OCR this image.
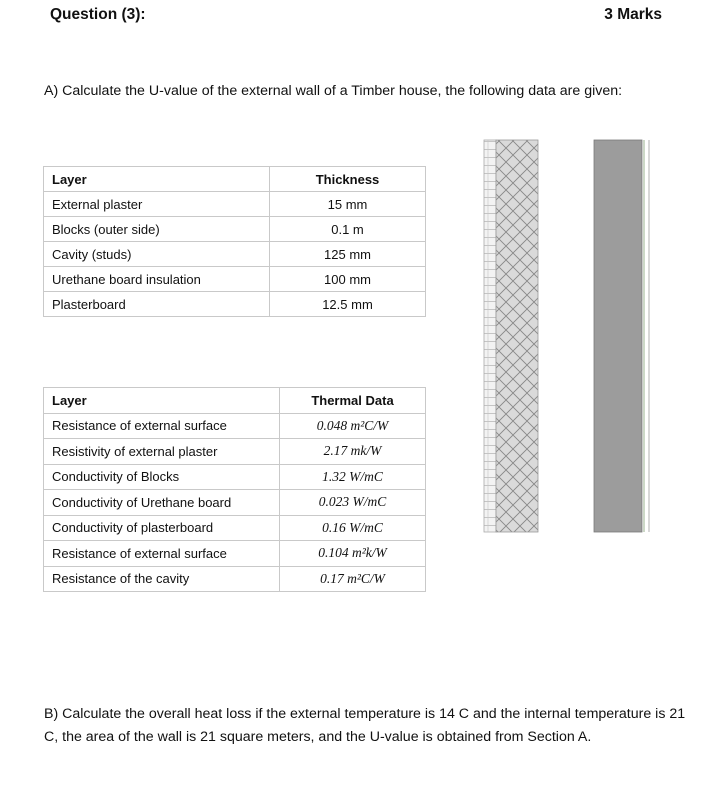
Question (3):	3 Marks
A) Calculate the U-value of the external wall of a Timber house, the following data are given:
Layer	Thickness
External plaster	15 mm
Blocks (outer side)	0.1 m
Cavity (studs)	125 mm
Urethane board insulation	100 mm
Plasterboard	12.5 mm
Layer	Thermal Data
Resistance of external surface	0.048 m²C/W
Resistivity of external plaster	2.17 mk/W
Conductivity of Blocks	1.32 W/mC
Conductivity of Urethane board	0.023 W/mC
Conductivity of plasterboard	0.16 W/mC
Resistance of external surface	0.104 m²k/W
Resistance of the cavity	0.17 m²C/W
B) Calculate the overall heat loss if the external temperature is 14 C and the internal temperature is 21 C, the area of the wall is 21 square meters, and the U-value is obtained from Section A.
